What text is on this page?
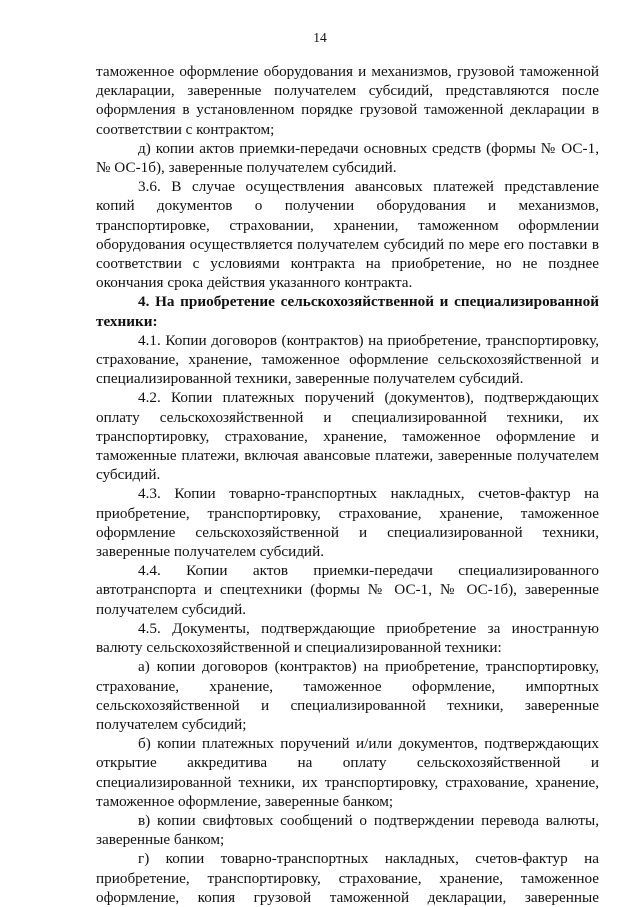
14

таможенное оформление оборудования и механизмов, грузовой таможенной декларации, заверенные получателем субсидий, представляются после оформления в установленном порядке грузовой таможенной декларации в соответствии с контрактом;

д) копии актов приемки-передачи основных средств (формы № ОС-1, № ОС-1б), заверенные получателем субсидий.

3.6. В случае осуществления авансовых платежей представление копий документов о получении оборудования и механизмов, транспортировке, страховании, хранении, таможенном оформлении оборудования осуществляется получателем субсидий по мере его поставки в соответствии с условиями контракта на приобретение, но не позднее окончания срока действия указанного контракта.

4. На приобретение сельскохозяйственной и специализированной техники:

4.1. Копии договоров (контрактов) на приобретение, транспортировку, страхование, хранение, таможенное оформление сельскохозяйственной и специализированной техники, заверенные получателем субсидий.

4.2. Копии платежных поручений (документов), подтверждающих оплату сельскохозяйственной и специализированной техники, их транспортировку, страхование, хранение, таможенное оформление и таможенные платежи, включая авансовые платежи, заверенные получателем субсидий.

4.3. Копии товарно-транспортных накладных, счетов-фактур на приобретение, транспортировку, страхование, хранение, таможенное оформление сельскохозяйственной и специализированной техники, заверенные получателем субсидий.

4.4. Копии актов приемки-передачи специализированного автотранспорта и спецтехники (формы № ОС-1, № ОС-1б), заверенные получателем субсидий.

4.5. Документы, подтверждающие приобретение за иностранную валюту сельскохозяйственной и специализированной техники:

а) копии договоров (контрактов) на приобретение, транспортировку, страхование, хранение, таможенное оформление, импортных сельскохозяйственной и специализированной техники, заверенные получателем субсидий;

б) копии платежных поручений и/или документов, подтверждающих открытие аккредитива на оплату сельскохозяйственной и специализированной техники, их транспортировку, страхование, хранение, таможенное оформление, заверенные банком;

в) копии свифтовых сообщений о подтверждении перевода валюты, заверенные банком;

г) копии товарно-транспортных накладных, счетов-фактур на приобретение, транспортировку, страхование, хранение, таможенное оформление, копия грузовой таможенной декларации, заверенные
